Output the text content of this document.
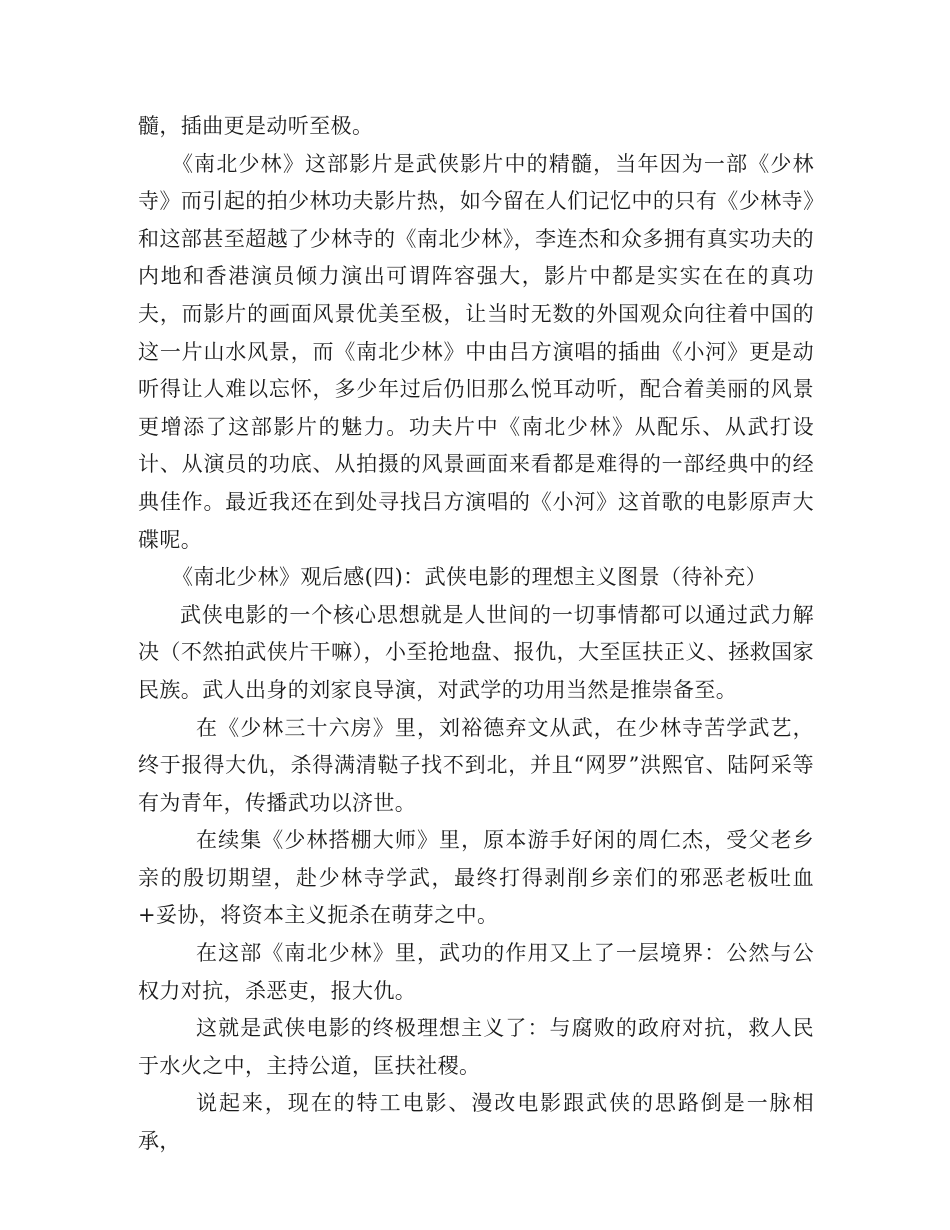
髓，插曲更是动听至极。

《南北少林》这部影片是武侠影片中的精髓，当年因为一部《少林寺》而引起的拍少林功夫影片热，如今留在人们记忆中的只有《少林寺》和这部甚至超越了少林寺的《南北少林》，李连杰和众多拥有真实功夫的内地和香港演员倾力演出可谓阵容强大，影片中都是实实在在的真功夫，而影片的画面风景优美至极，让当时无数的外国观众向往着中国的这一片山水风景，而《南北少林》中由吕方演唱的插曲《小河》更是动听得让人难以忘怀，多少年过后仍旧那么悦耳动听，配合着美丽的风景更增添了这部影片的魅力。功夫片中《南北少林》从配乐、从武打设计、从演员的功底、从拍摄的风景画面来看都是难得的一部经典中的经典佳作。最近我还在到处寻找吕方演唱的《小河》这首歌的电影原声大碟呢。

《南北少林》观后感(四)：武侠电影的理想主义图景（待补充）

武侠电影的一个核心思想就是人世间的一切事情都可以通过武力解决（不然拍武侠片干嘛），小至抢地盘、报仇，大至匡扶正义、拯救国家民族。武人出身的刘家良导演，对武学的功用当然是推崇备至。

在《少林三十六房》里，刘裕德弃文从武，在少林寺苦学武艺，终于报得大仇，杀得满清鞑子找不到北，并且“网罗”洪熙官、陆阿采等有为青年，传播武功以济世。

在续集《少林搭棚大师》里，原本游手好闲的周仁杰，受父老乡亲的殷切期望，赴少林寺学武，最终打得剥削乡亲们的邪恶老板吐血+妥协，将资本主义扼杀在萌芽之中。

在这部《南北少林》里，武功的作用又上了一层境界：公然与公权力对抗，杀恶吏，报大仇。

这就是武侠电影的终极理想主义了：与腐败的政府对抗，救人民于水火之中，主持公道，匡扶社稷。

说起来，现在的特工电影、漫改电影跟武侠的思路倒是一脉相承，
